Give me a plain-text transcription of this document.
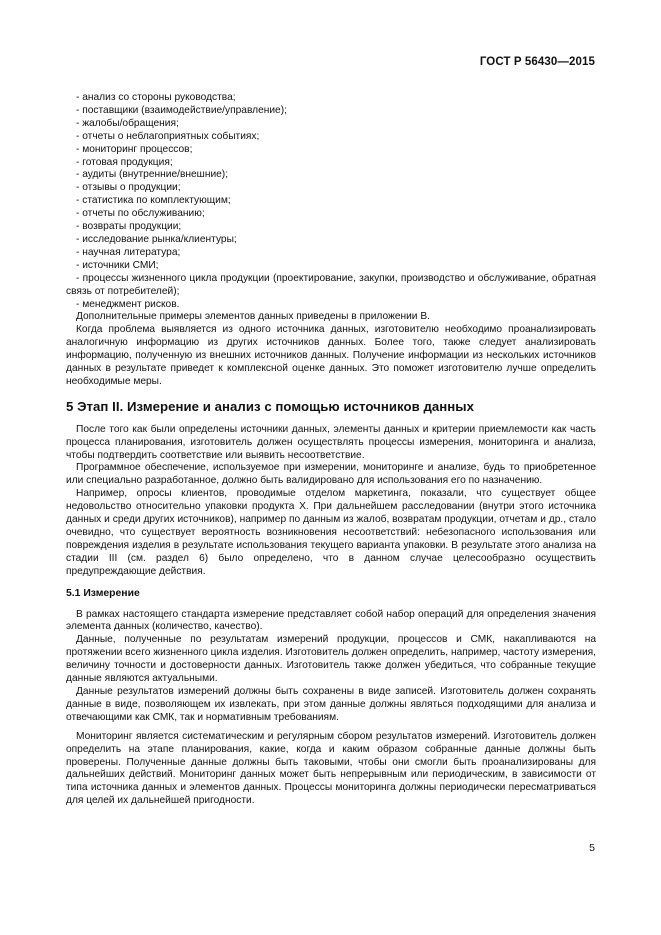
ГОСТ Р 56430—2015
- анализ со стороны руководства;
- поставщики (взаимодействие/управление);
- жалобы/обращения;
- отчеты о неблагоприятных событиях;
- мониторинг процессов;
- готовая продукция;
- аудиты (внутренние/внешние);
- отзывы о продукции;
- статистика по комплектующим;
- отчеты по обслуживанию;
- возвраты продукции;
- исследование рынка/клиентуры;
- научная литература;
- источники СМИ;
- процессы жизненного цикла продукции (проектирование, закупки, производство и обслуживание, обратная связь от потребителей);
- менеджмент рисков.

Дополнительные примеры элементов данных приведены в приложении В.

Когда проблема выявляется из одного источника данных, изготовителю необходимо проанализировать аналогичную информацию из других источников данных. Более того, также следует анализировать информацию, полученную из внешних источников данных. Получение информации из нескольких источников данных в результате приведет к комплексной оценке данных. Это поможет изготовителю лучше определить необходимые меры.

5 Этап II. Измерение и анализ с помощью источников данных

После того как были определены источники данных, элементы данных и критерии приемлемости как часть процесса планирования, изготовитель должен осуществлять процессы измерения, мониторинга и анализа, чтобы подтвердить соответствие или выявить несоответствие.

Программное обеспечение, используемое при измерении, мониторинге и анализе, будь то приобретенное или специально разработанное, должно быть валидировано для использования его по назначению.

Например, опросы клиентов, проводимые отделом маркетинга, показали, что существует общее недовольство относительно упаковки продукта X. При дальнейшем расследовании (внутри этого источника данных и среди других источников), например по данным из жалоб, возвратам продукции, отчетам и др., стало очевидно, что существует вероятность возникновения несоответствий: небезопасного использования или повреждения изделия в результате использования текущего варианта упаковки. В результате этого анализа на стадии III (см. раздел 6) было определено, что в данном случае целесообразно осуществить предупреждающие действия.

5.1 Измерение

В рамках настоящего стандарта измерение представляет собой набор операций для определения значения элемента данных (количество, качество).

Данные, полученные по результатам измерений продукции, процессов и СМК, накапливаются на протяжении всего жизненного цикла изделия. Изготовитель должен определить, например, частоту измерения, величину точности и достоверности данных. Изготовитель также должен убедиться, что собранные текущие данные являются актуальными.

Данные результатов измерений должны быть сохранены в виде записей. Изготовитель должен сохранять данные в виде, позволяющем их извлекать, при этом данные должны являться подходящими для анализа и отвечающими как СМК, так и нормативным требованиям.

Мониторинг является систематическим и регулярным сбором результатов измерений. Изготовитель должен определить на этапе планирования, какие, когда и каким образом собранные данные должны быть проверены. Полученные данные должны быть таковыми, чтобы они смогли быть проанализированы для дальнейших действий. Мониторинг данных может быть непрерывным или периодическим, в зависимости от типа источника данных и элементов данных. Процессы мониторинга должны периодически пересматриваться для целей их дальнейшей пригодности.

5
